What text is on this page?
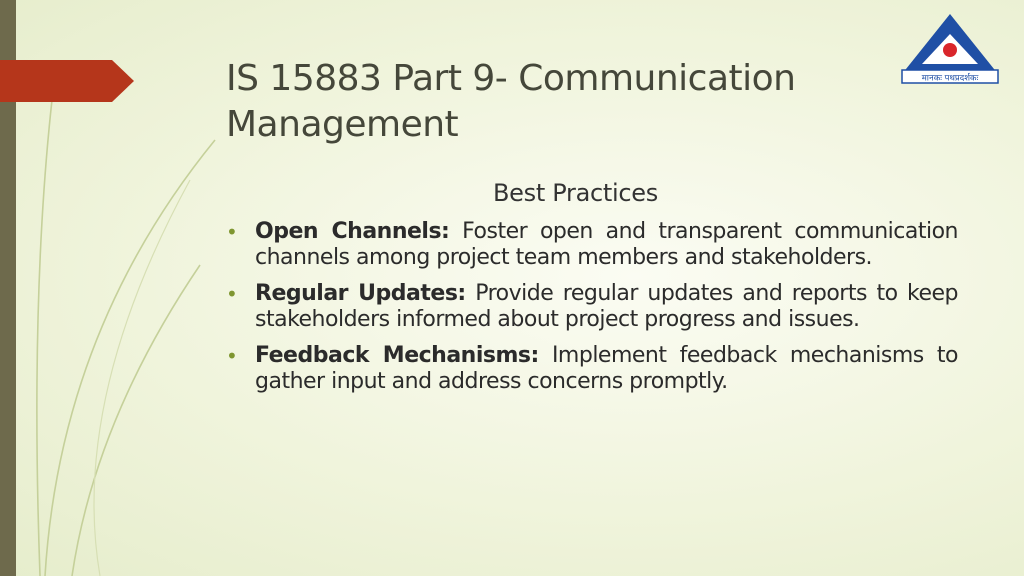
IS 15883 Part 9- Communication Management
मानकः पथप्रदर्शकः
Best Practices
• Open Channels: Foster open and transparent communication channels among project team members and stakeholders.
• Regular Updates: Provide regular updates and reports to keep stakeholders informed about project progress and issues.
• Feedback Mechanisms: Implement feedback mechanisms to gather input and address concerns promptly.
